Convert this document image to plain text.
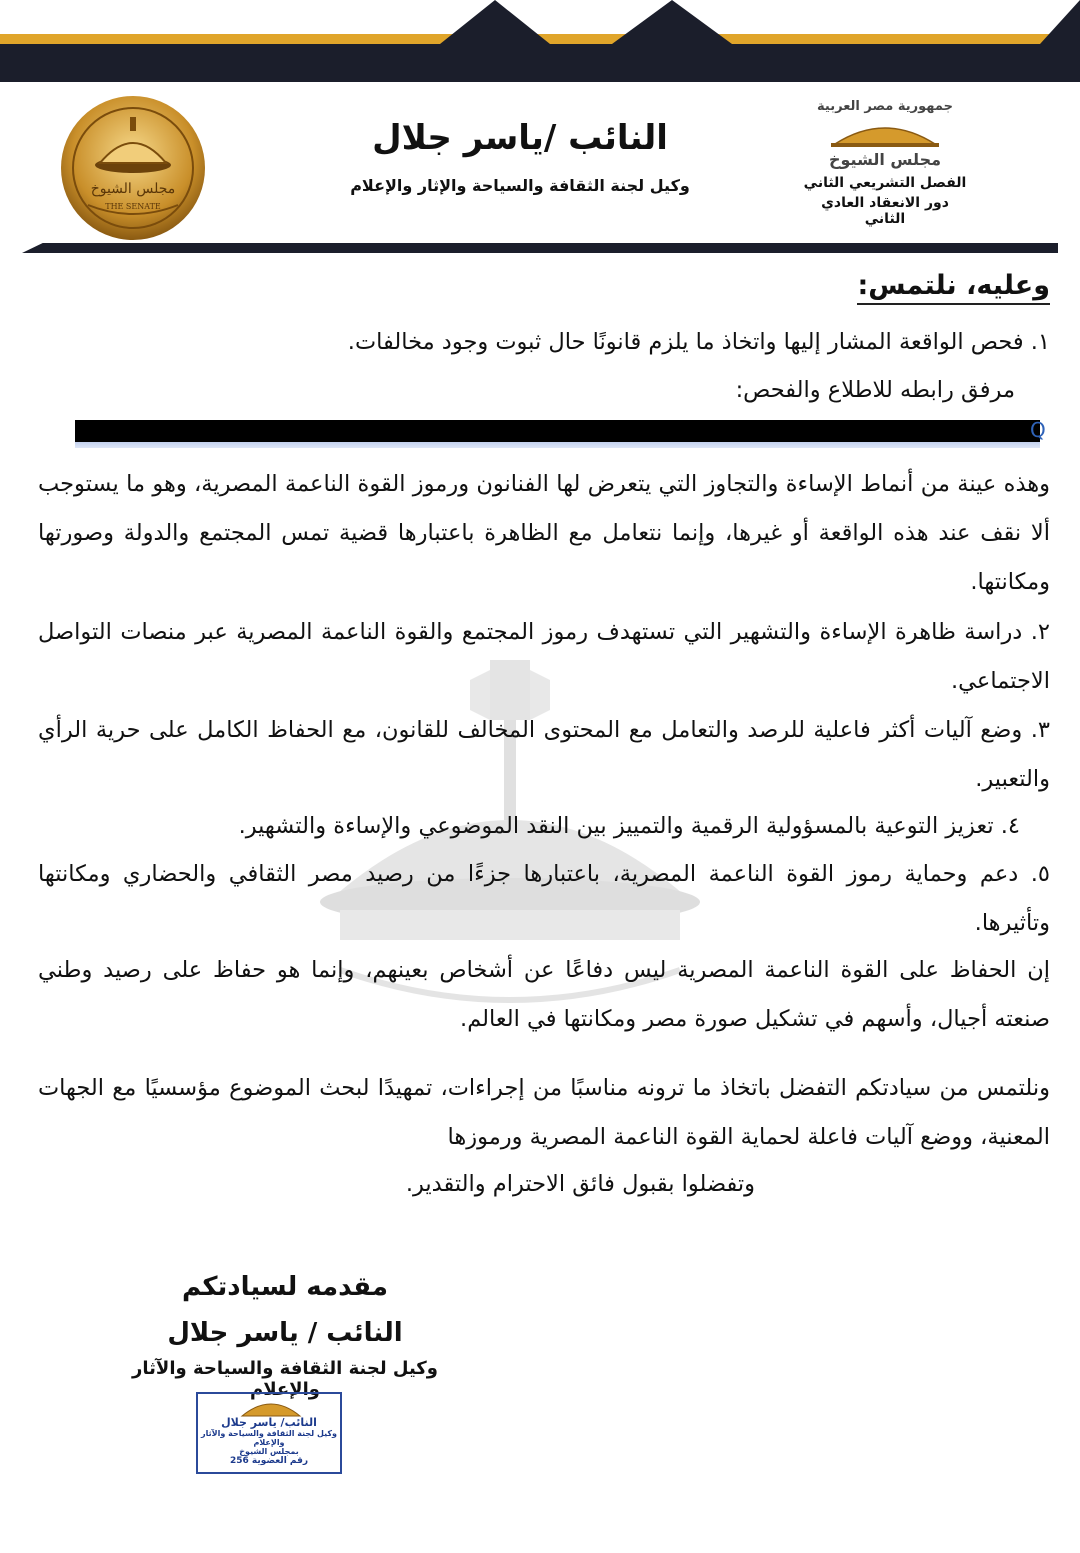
مجلس الشيوخ
THE SENATE
النائب /ياسر جلال
وكيل لجنة الثقافة والسياحة والإثار والإعلام
جمهورية مصر العربية
مجلس الشيوخ
الفصل التشريعي الثاني
دور الانعقاد العادي الثاني
وعليه، نلتمس:
١. فحص الواقعة المشار إليها واتخاذ ما يلزم قانونًا حال ثبوت وجود مخالفات.
مرفق رابطه للاطلاع والفحص:
Q
وهذه عينة من أنماط الإساءة والتجاوز التي يتعرض لها الفنانون ورموز القوة الناعمة المصرية، وهو ما يستوجب ألا نقف عند هذه الواقعة أو غيرها، وإنما نتعامل مع الظاهرة باعتبارها قضية تمس المجتمع والدولة وصورتها ومكانتها.
٢. دراسة ظاهرة الإساءة والتشهير التي تستهدف رموز المجتمع والقوة الناعمة المصرية عبر منصات التواصل الاجتماعي.
٣. وضع آليات أكثر فاعلية للرصد والتعامل مع المحتوى المخالف للقانون، مع الحفاظ الكامل على حرية الرأي والتعبير.
٤. تعزيز التوعية بالمسؤولية الرقمية والتمييز بين النقد الموضوعي والإساءة والتشهير.
٥. دعم وحماية رموز القوة الناعمة المصرية، باعتبارها جزءًا من رصيد مصر الثقافي والحضاري ومكانتها وتأثيرها.
إن الحفاظ على القوة الناعمة المصرية ليس دفاعًا عن أشخاص بعينهم، وإنما هو حفاظ على رصيد وطني صنعته أجيال، وأسهم في تشكيل صورة مصر ومكانتها في العالم.
ونلتمس من سيادتكم التفضل باتخاذ ما ترونه مناسبًا من إجراءات، تمهيدًا لبحث الموضوع مؤسسيًا مع الجهات المعنية، ووضع آليات فاعلة لحماية القوة الناعمة المصرية ورموزها
وتفضلوا بقبول فائق الاحترام والتقدير.
مقدمه لسيادتكم
النائب / ياسر جلال
وكيل لجنة الثقافة والسياحة والآثار والإعلام
النائب/ ياسر جلال
وكيل لجنة الثقافة والسياحة والآثار والإعلام
بمجلس الشيوخ
رقم العضوية 256
